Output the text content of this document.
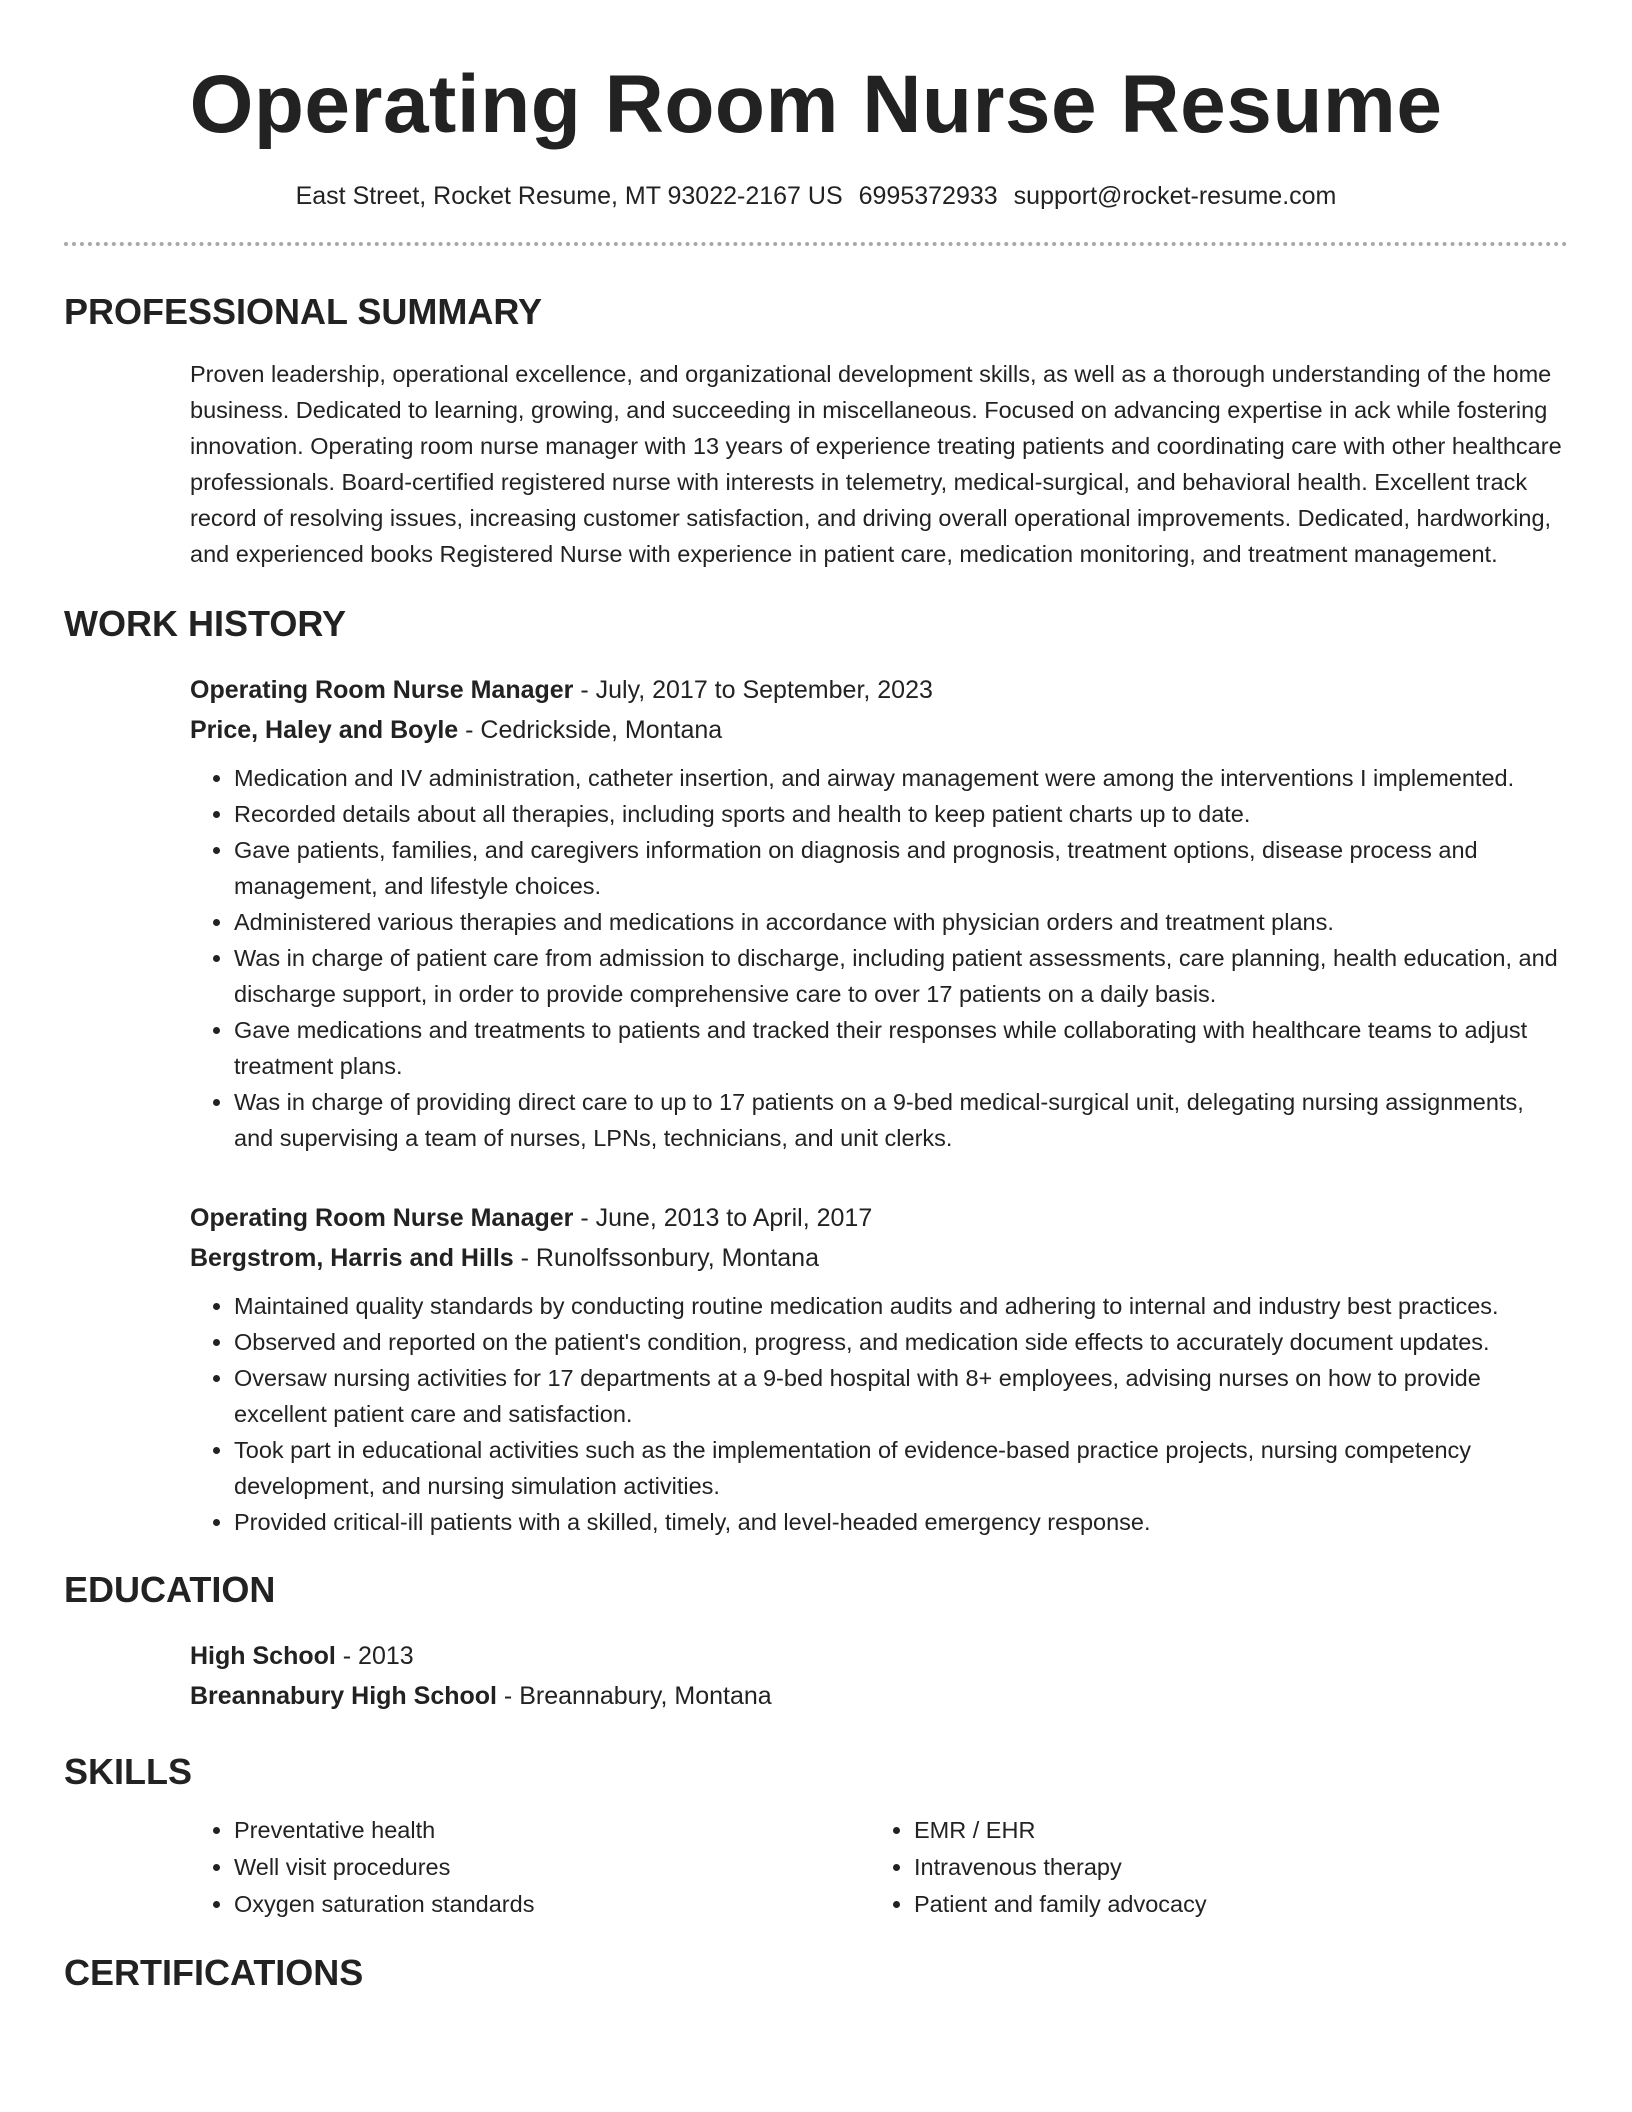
Operating Room Nurse Resume
East Street, Rocket Resume, MT 93022-2167 US 6995372933 support@rocket-resume.com
PROFESSIONAL SUMMARY
Proven leadership, operational excellence, and organizational development skills, as well as a thorough understanding of the home business. Dedicated to learning, growing, and succeeding in miscellaneous. Focused on advancing expertise in ack while fostering innovation. Operating room nurse manager with 13 years of experience treating patients and coordinating care with other healthcare professionals. Board-certified registered nurse with interests in telemetry, medical-surgical, and behavioral health. Excellent track record of resolving issues, increasing customer satisfaction, and driving overall operational improvements. Dedicated, hardworking, and experienced books Registered Nurse with experience in patient care, medication monitoring, and treatment management.
WORK HISTORY
Operating Room Nurse Manager - July, 2017 to September, 2023
Price, Haley and Boyle - Cedrickside, Montana
• Medication and IV administration, catheter insertion, and airway management were among the interventions I implemented.
• Recorded details about all therapies, including sports and health to keep patient charts up to date.
• Gave patients, families, and caregivers information on diagnosis and prognosis, treatment options, disease process and management, and lifestyle choices.
• Administered various therapies and medications in accordance with physician orders and treatment plans.
• Was in charge of patient care from admission to discharge, including patient assessments, care planning, health education, and discharge support, in order to provide comprehensive care to over 17 patients on a daily basis.
• Gave medications and treatments to patients and tracked their responses while collaborating with healthcare teams to adjust treatment plans.
• Was in charge of providing direct care to up to 17 patients on a 9-bed medical-surgical unit, delegating nursing assignments, and supervising a team of nurses, LPNs, technicians, and unit clerks.
Operating Room Nurse Manager - June, 2013 to April, 2017
Bergstrom, Harris and Hills - Runolfssonbury, Montana
• Maintained quality standards by conducting routine medication audits and adhering to internal and industry best practices.
• Observed and reported on the patient's condition, progress, and medication side effects to accurately document updates.
• Oversaw nursing activities for 17 departments at a 9-bed hospital with 8+ employees, advising nurses on how to provide excellent patient care and satisfaction.
• Took part in educational activities such as the implementation of evidence-based practice projects, nursing competency development, and nursing simulation activities.
• Provided critical-ill patients with a skilled, timely, and level-headed emergency response.
EDUCATION
High School - 2013
Breannabury High School - Breannabury, Montana
SKILLS
• Preventative health
• Well visit procedures
• Oxygen saturation standards
• EMR / EHR
• Intravenous therapy
• Patient and family advocacy
CERTIFICATIONS
